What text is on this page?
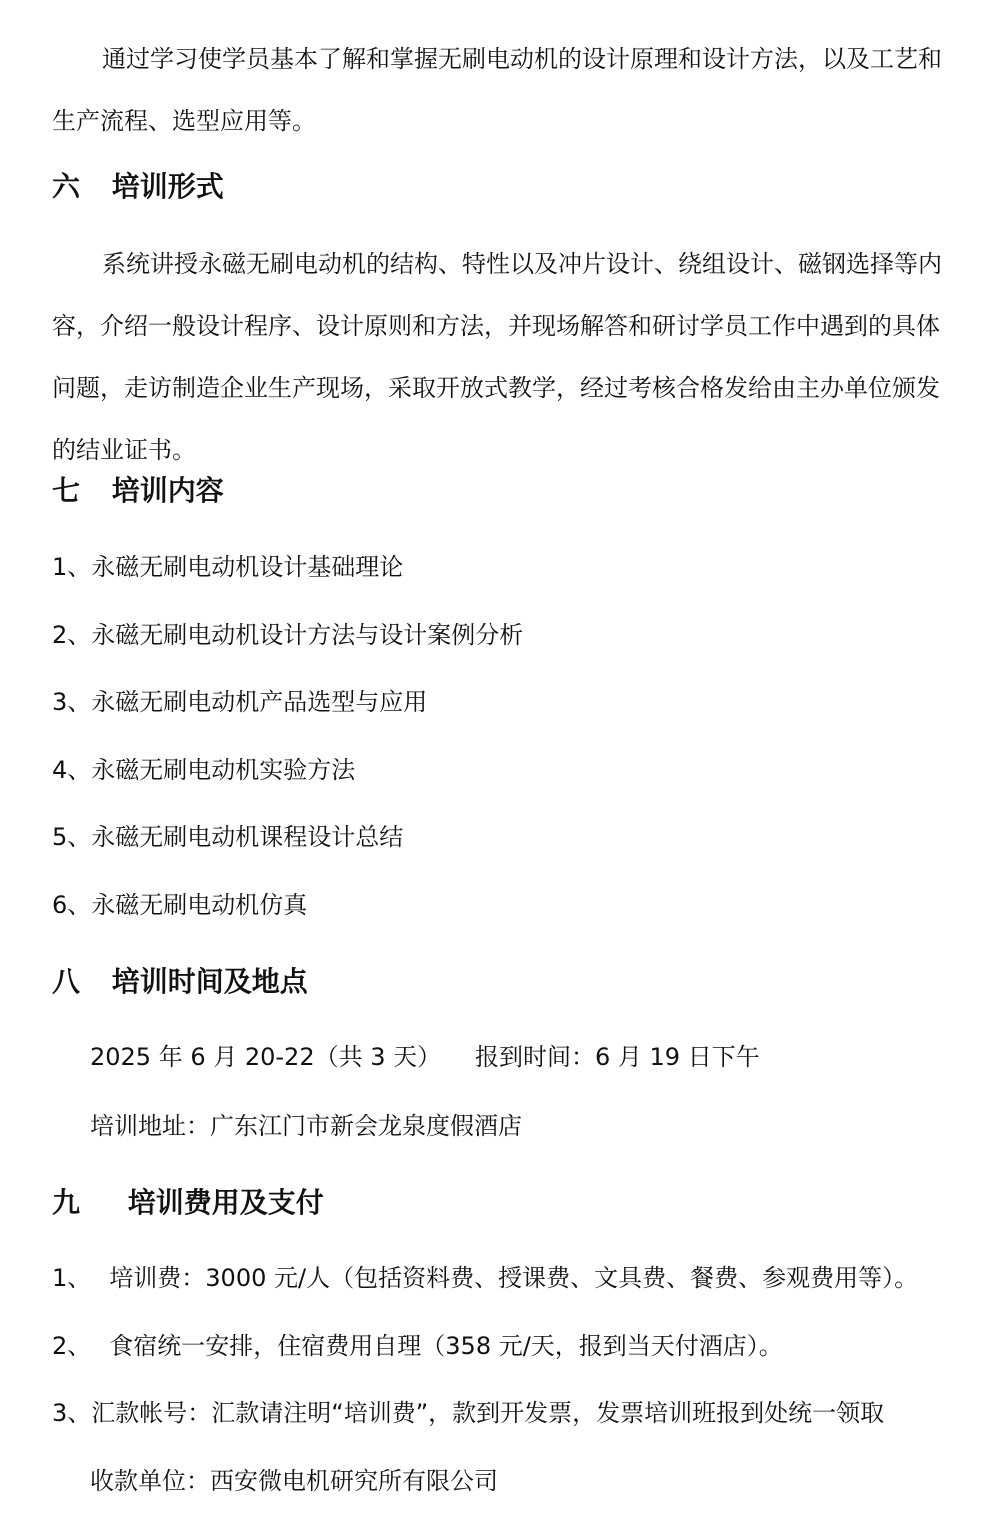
通过学习使学员基本了解和掌握无刷电动机的设计原理和设计方法，以及工艺和生产流程、选型应用等。
六 培训形式
系统讲授永磁无刷电动机的结构、特性以及冲片设计、绕组设计、磁钢选择等内容，介绍一般设计程序、设计原则和方法，并现场解答和研讨学员工作中遇到的具体问题，走访制造企业生产现场，采取开放式教学，经过考核合格发给由主办单位颁发的结业证书。
七 培训内容
1、永磁无刷电动机设计基础理论
2、永磁无刷电动机设计方法与设计案例分析
3、永磁无刷电动机产品选型与应用
4、永磁无刷电动机实验方法
5、永磁无刷电动机课程设计总结
6、永磁无刷电动机仿真
八 培训时间及地点
2025 年 6 月 20-22（共 3 天） 报到时间：6 月 19 日下午
培训地址：广东江门市新会龙泉度假酒店
九 培训费用及支付
1、 培训费：3000 元/人（包括资料费、授课费、文具费、餐费、参观费用等）。
2、 食宿统一安排，住宿费用自理（358 元/天，报到当天付酒店）。
3、汇款帐号：汇款请注明“培训费”，款到开发票，发票培训班报到处统一领取
收款单位：西安微电机研究所有限公司
